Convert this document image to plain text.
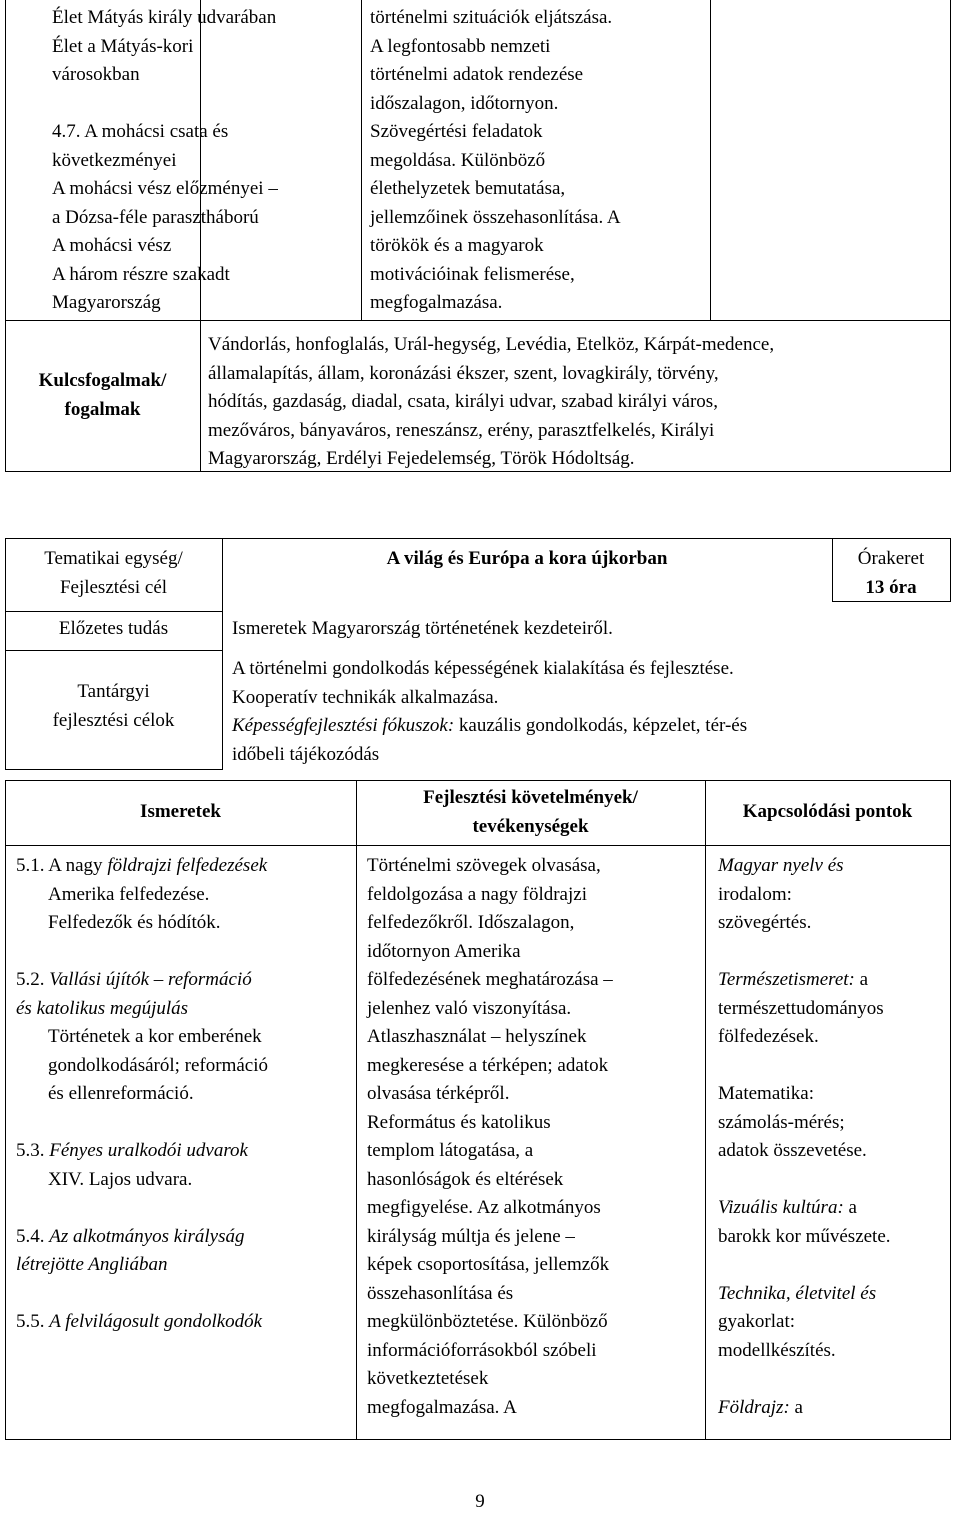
Élet Mátyás király udvarában
Élet a Mátyás-kori
városokban

4.7. A mohácsi csata és
következményei
A mohácsi vész előzményei –
a Dózsa-féle parasztháború
A mohácsi vész
A három részre szakadt
Magyarország
történelmi szituációk eljátszása.
A legfontosabb nemzeti
történelmi adatok rendezése
időszalagon, időtornyon.
Szövegértési feladatok
megoldása. Különböző
élethelyzetek bemutatása,
jellemzőinek összehasonlítása. A
törökök és a magyarok
motivációinak felismerése,
megfogalmazása.
Kulcsfogalmak/
fogalmak
Vándorlás, honfoglalás, Urál-hegység, Levédia, Etelköz, Kárpát-medence,
államalapítás, állam, koronázási ékszer, szent, lovagkirály, törvény,
hódítás, gazdaság, diadal, csata, királyi udvar, szabad királyi város,
mezőváros, bányaváros, reneszánsz, erény, parasztfelkelés, Királyi
Magyarország, Erdélyi Fejedelemség, Török Hódoltság.
Tematikai egység/
Fejlesztési cél
A világ és Európa a kora újkorban	Órakeret
13 óra
Előzetes tudás	Ismeretek Magyarország történetének kezdeteiről.
Tantárgyi
fejlesztési célok
A történelmi gondolkodás képességének kialakítása és fejlesztése.
Kooperatív technikák alkalmazása.
Képességfejlesztési fókuszok: kauzális gondolkodás, képzelet, tér-és
időbeli tájékozódás
Ismeretek
Fejlesztési követelmények/
tevékenységek
Kapcsolódási pontok
5.1. A nagy földrajzi felfedezések
Amerika felfedezése.
Felfedezők és hódítók.

5.2. Vallási újítók – reformáció
és katolikus megújulás
Történetek a kor emberének
gondolkodásáról; reformáció
és ellenreformáció.

5.3. Fényes uralkodói udvarok
XIV. Lajos udvara.

5.4. Az alkotmányos királyság
létrejötte Angliában

5.5. A felvilágosult gondolkodók
Történelmi szövegek olvasása,
feldolgozása a nagy földrajzi
felfedezőkről. Időszalagon,
időtornyon Amerika
fölfedezésének meghatározása –
jelenhez való viszonyítása.
Atlaszhasználat – helyszínek
megkeresése a térképen; adatok
olvasása térképről.
Református és katolikus
templom látogatása, a
hasonlóságok és eltérések
megfigyelése. Az alkotmányos
királyság múltja és jelene –
képek csoportosítása, jellemzők
összehasonlítása és
megkülönböztetése. Különböző
információforrásokból szóbeli
következtetések
megfogalmazása. A
Magyar nyelv és
irodalom:
szövegértés.

Természetismeret: a
természettudományos
fölfedezések.

Matematika:
számolás-mérés;
adatok összevetése.

Vizuális kultúra: a
barokk kor művészete.

Technika, életvitel és
gyakorlat:
modellkészítés.

Földrajz: a
9
